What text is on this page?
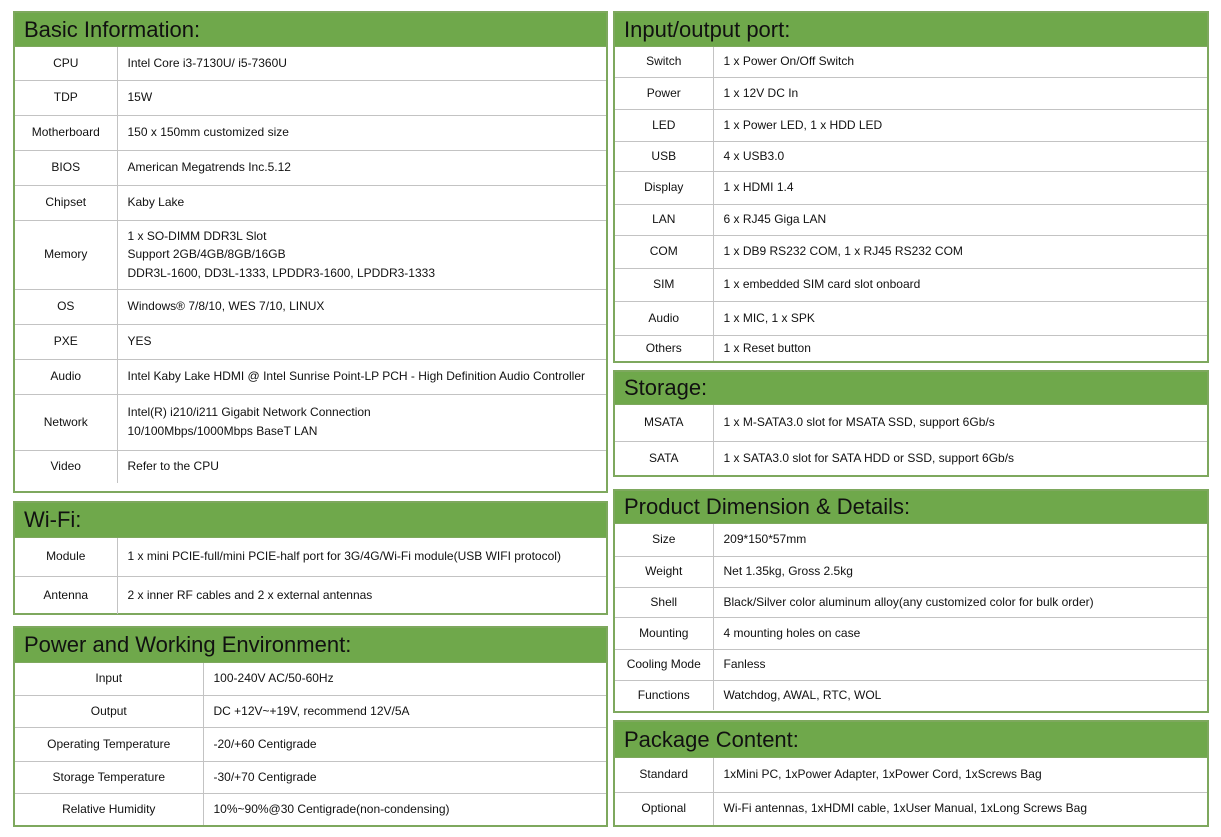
Basic Information:
CPU	Intel Core i3-7130U/ i5-7360U
TDP	15W
Motherboard	150 x 150mm customized size
BIOS	American Megatrends Inc.5.12
Chipset	Kaby Lake
Memory	1 x SO-DIMM DDR3L Slot
Support 2GB/4GB/8GB/16GB
DDR3L-1600, DD3L-1333, LPDDR3-1600, LPDDR3-1333

OS	Windows® 7/8/10, WES 7/10, LINUX
PXE	YES
Audio	Intel Kaby Lake HDMI @ Intel Sunrise Point-LP PCH - High Definition Audio Controller
Network	Intel(R) i210/i211 Gigabit Network Connection
10/100Mbps/1000Mbps BaseT LAN

Video	Refer to the CPU
Wi-Fi:
Module	1 x mini PCIE-full/mini PCIE-half port for 3G/4G/Wi-Fi module(USB WIFI protocol)
Antenna	2 x inner RF cables and 2 x external antennas
Power and Working Environment:
Input	100-240V AC/50-60Hz
Output	DC +12V~+19V, recommend 12V/5A
Operating Temperature	-20/+60 Centigrade
Storage Temperature	-30/+70 Centigrade
Relative Humidity	10%~90%@30 Centigrade(non-condensing)
Input/output port:
Switch	1 x Power On/Off Switch
Power	1 x 12V DC In
LED	1 x Power LED, 1 x HDD LED
USB	4 x USB3.0
Display	1 x HDMI 1.4
LAN	6 x RJ45 Giga LAN
COM	1 x DB9 RS232 COM, 1 x RJ45 RS232 COM
SIM	1 x embedded SIM card slot onboard
Audio	1 x MIC, 1 x SPK
Others	1 x Reset button
Storage:
MSATA	1 x M-SATA3.0 slot for MSATA SSD, support 6Gb/s
SATA	1 x SATA3.0 slot for SATA HDD or SSD, support 6Gb/s
Product Dimension & Details:
Size	209*150*57mm
Weight	Net 1.35kg, Gross 2.5kg
Shell	Black/Silver color aluminum alloy(any customized color for bulk order)
Mounting	4 mounting holes on case
Cooling Mode	Fanless
Functions	Watchdog, AWAL, RTC, WOL
Package Content:
Standard	1xMini PC, 1xPower Adapter, 1xPower Cord, 1xScrews Bag
Optional	Wi-Fi antennas, 1xHDMI cable, 1xUser Manual, 1xLong Screws Bag
